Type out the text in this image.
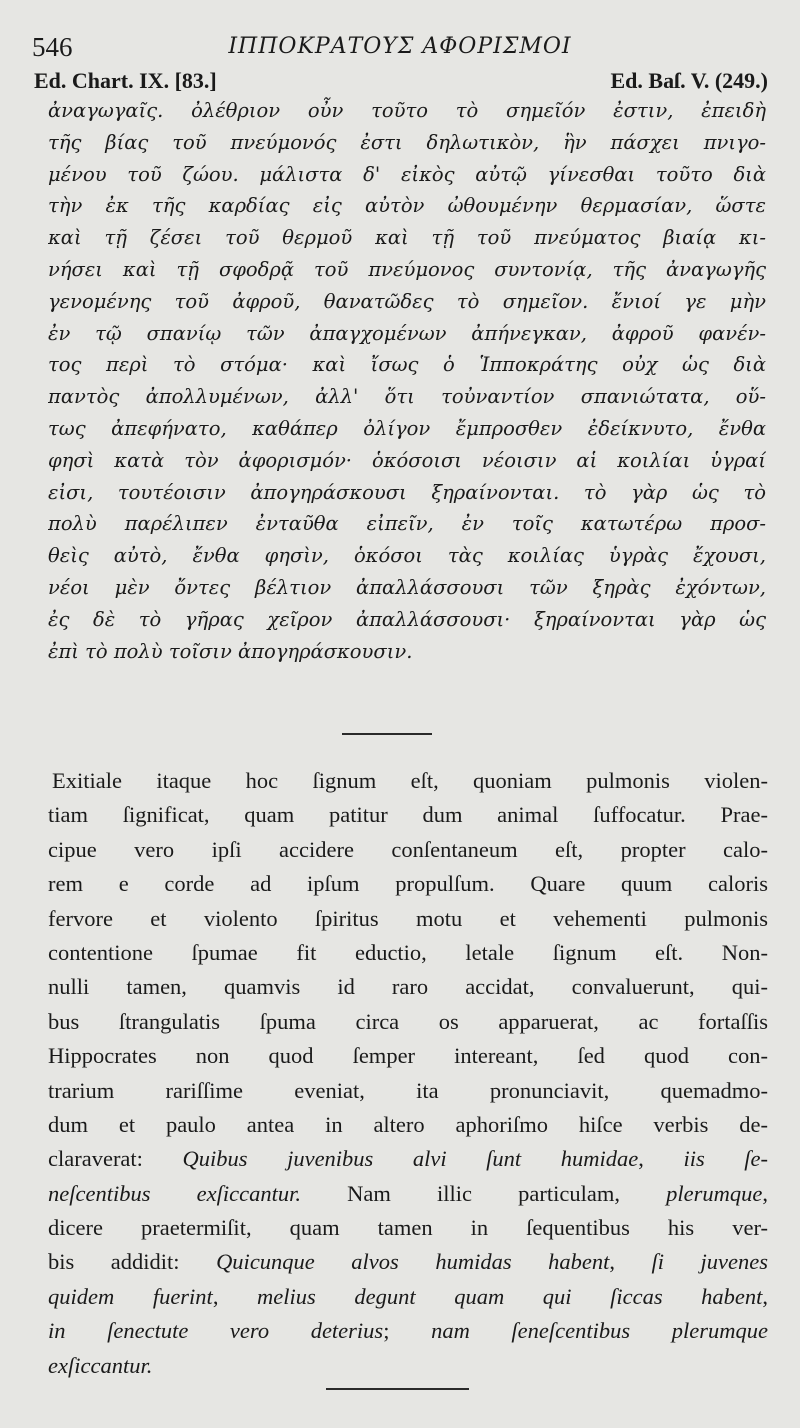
546	ΙΠΠΟΚΡΑΤΟΥΣ ΑΦΟΡΙΣΜΟΙ
Ed. Chart. IX. [83.]	Ed. Baſ. V. (249.)
ἀναγωγαῖς. ὀλέθριον οὖν τοῦτο τὸ σημεῖόν ἐστιν, ἐπειδὴ
τῆς βίας τοῦ πνεύμονός ἐστι δηλωτικὸν, ἣν πάσχει πνιγο-
μένου τοῦ ζώου. μάλιστα δ' εἰκὸς αὐτῷ γίνεσθαι τοῦτο διὰ
τὴν ἐκ τῆς καρδίας εἰς αὐτὸν ὠθουμένην θερμασίαν, ὥστε
καὶ τῇ ζέσει τοῦ θερμοῦ καὶ τῇ τοῦ πνεύματος βιαίᾳ κι-
νήσει καὶ τῇ σφοδρᾷ τοῦ πνεύμονος συντονίᾳ, τῆς ἀναγωγῆς
γενομένης τοῦ ἀφροῦ, θανατῶδες τὸ σημεῖον. ἔνιοί γε μὴν
ἐν τῷ σπανίῳ τῶν ἀπαγχομένων ἀπήνεγκαν, ἀφροῦ φανέν-
τος περὶ τὸ στόμα· καὶ ἴσως ὁ Ἱπποκράτης οὐχ ὡς διὰ
παντὸς ἀπολλυμένων, ἀλλ' ὅτι τοὐναντίον σπανιώτατα, οὕ-
τως ἀπεφήνατο, καθάπερ ὀλίγον ἔμπροσθεν ἐδείκνυτο, ἔνθα
φησὶ κατὰ τὸν ἀφορισμόν· ὁκόσοισι νέοισιν αἱ κοιλίαι ὑγραί
εἰσι, τουτέοισιν ἀπογηράσκουσι ξηραίνονται. τὸ γὰρ ὡς τὸ
πολὺ παρέλιπεν ἐνταῦθα εἰπεῖν, ἐν τοῖς κατωτέρω προσ-
θεὶς αὐτὸ, ἔνθα φησὶν, ὁκόσοι τὰς κοιλίας ὑγρὰς ἔχουσι,
νέοι μὲν ὄντες βέλτιον ἀπαλλάσσουσι τῶν ξηρὰς ἐχόντων,
ἐς δὲ τὸ γῆρας χεῖρον ἀπαλλάσσουσι· ξηραίνονται γὰρ ὡς
ἐπὶ τὸ πολὺ τοῖσιν ἀπογηράσκουσιν.
Exitiale itaque hoc ſignum eſt, quoniam pulmonis violen-
tiam ſignificat, quam patitur dum animal ſuffocatur. Prae-
cipue vero ipſi accidere conſentaneum eſt, propter calo-
rem e corde ad ipſum propulſum. Quare quum caloris
fervore et violento ſpiritus motu et vehementi pulmonis
contentione ſpumae fit eductio, letale ſignum eſt. Non-
nulli tamen, quamvis id raro accidat, convaluerunt, qui-
bus ſtrangulatis ſpuma circa os apparuerat, ac fortaſſis
Hippocrates non quod ſemper intereant, ſed quod con-
trarium rariſſime eveniat, ita pronunciavit, quemadmo-
dum et paulo antea in altero aphoriſmo hiſce verbis de-
claraverat: Quibus juvenibus alvi ſunt humidae, iis ſe-
neſcentibus exſiccantur. Nam illic particulam, plerumque,
dicere praetermiſit, quam tamen in ſequentibus his ver-
bis addidit: Quicunque alvos humidas habent, ſi juvenes
quidem fuerint, melius degunt quam qui ſiccas habent,
in ſenectute vero deterius; nam ſeneſcentibus plerumque
exſiccantur.
